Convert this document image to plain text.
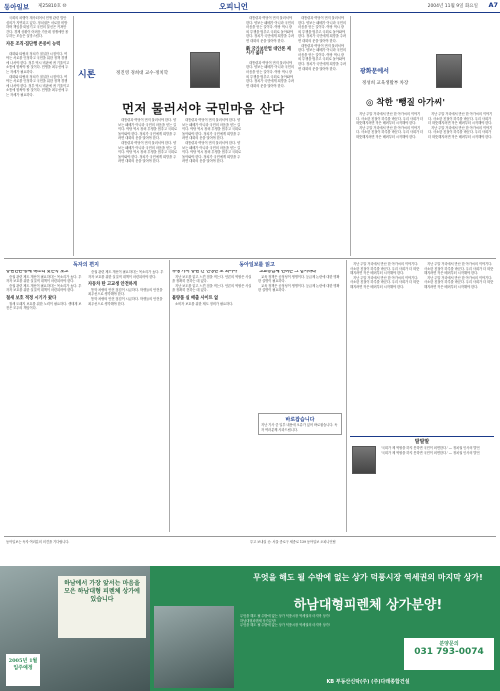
동아일보 제25810호 ⑩	오피니언	2004년 11월 9일 화요일 A7

국회의 파행이 계속되어서 민생 관련 법안 심의가 지연되고 있다. 정치권은 서로를 비방하며 책임을 떠넘기고 국민의 불신은 커져만 간다. 경제 상황이 어려운 가운데 정쟁에만 몰두하는 모습은 실망스럽다.

자문 조직·집단행 존중이 능력

대화와 타협의 정치가 절실한 시점이다. 여야는 서로를 인정하고 국민을 위한 정책 경쟁에 나서야 한다. 정부 역시 비판에 귀 기울이고 소통에 힘써야 할 것이다. 민생을 최우선에 두는 자세가 필요하다.

대화와 타협의 정치가 절실한 시점이다. 여야는 서로를 인정하고 국민을 위한 정책 경쟁에 나서야 한다. 정부 역시 비판에 귀 기울이고 소통에 힘써야 할 것이다. 민생을 최우선에 두는 자세가 필요하다.

시론	정진영 경희대 교수·정치학
먼저 물러서야 국민마음 산다

대통령과 여당이 먼저 물러서야 한다. 양보는 패배가 아니라 국민의 마음을 얻는 길이다. 야당 역시 장외 투쟁을 멈추고 국회로 돌아와야 한다. 정치가 국민에게 희망을 주려면 대화의 문을 열어야 한다.

대통령과 여당이 먼저 물러서야 한다. 양보는 패배가 아니라 국민의 마음을 얻는 길이다. 야당 역시 장외 투쟁을 멈추고 국회로 돌아와야 한다. 정치가 국민에게 희망을 주려면 대화의 문을 열어야 한다.

대통령과 여당이 먼저 물러서야 한다. 양보는 패배가 아니라 국민의 마음을 얻는 길이다. 야당 역시 장외 투쟁을 멈추고 국회로 돌아와야 한다. 정치가 국민에게 희망을 주려면 대화의 문을 열어야 한다.

대통령과 여당이 먼저 물러서야 한다. 양보는 패배가 아니라 국민의 마음을 얻는 길이다. 야당 역시 장외 투쟁을 멈추고 국회로 돌아와야 한다. 정치가 국민에게 희망을 주려면 대화의 문을 열어야 한다.

대통령과 여당이 먼저 물러서야 한다. 양보는 패배가 아니라 국민의 마음을 얻는 길이다. 야당 역시 장외 투쟁을 멈추고 국회로 돌아와야 한다. 정치가 국민에게 희망을 주려면 대화의 문을 열어야 한다.

新 국가보안법 대안론 제시가 옳다

대통령과 여당이 먼저 물러서야 한다. 양보는 패배가 아니라 국민의 마음을 얻는 길이다. 야당 역시 장외 투쟁을 멈추고 국회로 돌아와야 한다. 정치가 국민에게 희망을 주려면 대화의 문을 열어야 한다.

대통령과 여당이 먼저 물러서야 한다. 양보는 패배가 아니라 국민의 마음을 얻는 길이다. 야당 역시 장외 투쟁을 멈추고 국회로 돌아와야 한다. 정치가 국민에게 희망을 주려면 대화의 문을 열어야 한다.

대통령과 여당이 먼저 물러서야 한다. 양보는 패배가 아니라 국민의 마음을 얻는 길이다. 야당 역시 장외 투쟁을 멈추고 국회로 돌아와야 한다. 정치가 국민에게 희망을 주려면 대화의 문을 열어야 한다.	광화문에서
정성희 교육생활부 차장
◎ 착한 '뺑질 아가씨'

지난 주말 거리에서 만난 한 아가씨의 이야기다. 사소한 친절이 하루를 바꾼다. 우리 사회가 더 따뜻해지려면 작은 배려부터 시작해야 한다.

지난 주말 거리에서 만난 한 아가씨의 이야기다. 사소한 친절이 하루를 바꾼다. 우리 사회가 더 따뜻해지려면 작은 배려부터 시작해야 한다.

지난 주말 거리에서 만난 한 아가씨의 이야기다. 사소한 친절이 하루를 바꾼다. 우리 사회가 더 따뜻해지려면 작은 배려부터 시작해야 한다.

지난 주말 거리에서 만난 한 아가씨의 이야기다. 사소한 친절이 하루를 바꾼다. 우리 사회가 더 따뜻해지려면 작은 배려부터 시작해야 한다.

독자의 편지
증권연관·공제 목소리 낮은국 보고

증권 관련 제도 개선이 필요하다는 목소리가 높다. 투자자 보호를 위한 실질적 대책이 마련되어야 한다.

증권 관련 제도 개선이 필요하다는 목소리가 높다. 투자자 보호를 위한 실질적 대책이 마련되어야 한다.

철새 보호 적정 시기가 왔다

철새 도래지 보호를 위한 노력이 필요하다. 생태계 보전은 모두의 책임이다.

증권 관련 제도 개선이 필요하다는 목소리가 높다. 투자자 보호를 위한 실질적 대책이 마련되어야 한다.

자동차 탄 고교생 안전하게

통학 차량의 안전 점검이 시급하다. 학생들의 안전을 최우선으로 생각해야 한다.

통학 차량의 안전 점검이 시급하다. 학생들의 안전을 최우선으로 생각해야 한다.

동아일보를 읽고
투쟁 가서 응원 간 진정한 도 되어야

지난 보도를 읽고 느낀 점을 적는다. 언론의 역할은 사실을 정확히 전하는 데 있다.

지난 보도를 읽고 느낀 점을 적는다. 언론의 역할은 사실을 정확히 전하는 데 있다.

불량품 실 배출 사이트 없

소비자 보호를 위한 제도 정비가 필요하다.

'고교등급제 면허는 그 감시하라'

교육 정책은 공정성이 생명이다. 등급제 논란에 대한 명확한 설명이 필요하다.

교육 정책은 공정성이 생명이다. 등급제 논란에 대한 명확한 설명이 필요하다.

바로잡습니다
지난 기사 중 일부 내용에 오류가 있어 바로잡습니다. 독자 여러분께 사과드립니다.

지난 주말 거리에서 만난 한 아가씨의 이야기다. 사소한 친절이 하루를 바꾼다. 우리 사회가 더 따뜻해지려면 작은 배려부터 시작해야 한다.

지난 주말 거리에서 만난 한 아가씨의 이야기다. 사소한 친절이 하루를 바꾼다. 우리 사회가 더 따뜻해지려면 작은 배려부터 시작해야 한다.

지난 주말 거리에서 만난 한 아가씨의 이야기다. 사소한 친절이 하루를 바꾼다. 우리 사회가 더 따뜻해지려면 작은 배려부터 시작해야 한다.

지난 주말 거리에서 만난 한 아가씨의 이야기다. 사소한 친절이 하루를 바꾼다. 우리 사회가 더 따뜻해지려면 작은 배려부터 시작해야 한다.

말말말

'국회가 제 역할을 하지 못하면 국민이 외면한다.' — 정치권 인사의 발언

'국회가 제 역할을 하지 못하면 국민이 외면한다.' — 정치권 인사의 발언

동아일보는 독자 여러분의 의견을 기다립니다.	투고 보내실 곳: 서울 종로구 세종로 139 동아일보 오피니언팀
하남에서 가장 앞서는 마음을 모은 하남대형 피렌체 상가에 있습니다
2005년 1월 입주예정
무엇을 해도 될 수밖에 없는 상가 덕풍시장 역세권의 마지막 상가!
하남대형피렌체 상가분양!

무엇을 해도 될 수밖에 없는 상가 덕풍시장 역세권의 마지막 상가!

하남대형피렌체 상가분양!

무엇을 해도 될 수밖에 없는 상가 덕풍시장 역세권의 마지막 상가!

분양문의
031 793-0074
KB 부동산신탁(주) (주)다래종합건설
